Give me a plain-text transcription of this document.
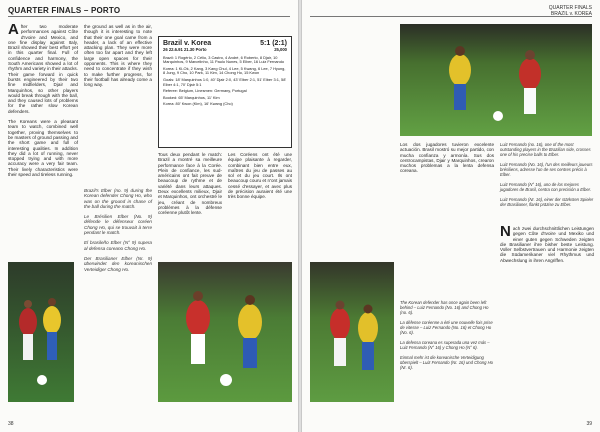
QUARTER FINALS – PORTO

After two moderate performances against Côte d'Ivoire and Mexico, and one fine display against Italy, Brazil showed their best effort yet in this quarter final. Full of confidence and harmony, the South Americans showed a lot of rhythm and variety in their attacks. Their game forward in quick bursts engineered by their two fine midfielders, Djair and Marquinhos, so other players would break through with the ball, and they caused lots of problems for the rather slow Korean defenders.

The Koreans were a pleasant team to watch, combined well together, proving themselves to be masters of ground passing and the short game and full of interesting qualities. In addition they did a lot of running, never stopped trying and with more accuracy were a very fair team. Their lively characteristics were their speed and tireless running.

the ground as well as in the air, though it is interesting to note that their one goal came from a header, a lack of an effective attacking plan. They were more often too far apart and they left large open spaces for their opponents. This is where they need to concentrate if they wish to make further progress, for their football has already come a long way.

Brazil's Elber (no. 9) during the Korean defender Chong Ho, who was on the ground in chase of the ball during the match.

Le Brésilien Elber (No. 9) défende le défenseur coréen Chong Ho, qui se trouvait à terre pendant le match.

El brasileño Elber (N° 9) supera al defensa coreano Chong Ho.

Der Brasilianer Elber (Nr. 9) überwindet den koreanischen Verteidiger Chong Ho.

Brazil v. Korea	5:1 (2:1)
26 22.6.91 21.30 Porto	25,000

Brazil: 1 Rogério, 2 Célio, 3 Castro, 4 André, 6 Roberto, 8 Djair, 10 Marquinhos, 9 Marcelinho, 11 Paulo Nunes, 5 Elber, 16 Luiz Fernando

Korea: 1 Ki-Ok, 2 Kang, 3 Kang Chul, 4 Lee, 5 Kwang, 6 Lee, 7 Hyung, 8 Jung, 9 Cho, 10 Park, 11 Kim, 14 Chong Ho, 15 Kwon

Goals: 18' Marquinhos 1:0, 40' Djair 2:0, 43' Elber 2:1, 51' Elber 3:1, 58' Elber 4:1, 70' Djair 5:1

Referee: Belgium, Linesmen: Germany, Portugal

Booked: 65' Marquinhos, 11' Kim

Korea: 80' Kwon (Kim), 16' Kwang (Cho)

Tous deux pendant le match: Brazil a montré sa meilleure performance face à la Corée. Plein de confiance, les sud-américains ont fait preuve de beaucoup de rythme et de variété dans leurs attaques. Deux excellents milieux, Djair et Marquinhos, ont orchestré le jeu, créant de nombreux problèmes à la défense coréenne plutôt lente.

Les Coréens ont été une équipe plaisante à regarder, combinant bien entre eux, maîtres du jeu de passes au sol et du jeu court. Ils ont beaucoup couru et n'ont jamais cessé d'essayer, et avec plus de précision auraient été une très bonne équipe.

38
QUARTER FINALS
BRAZIL v. KOREA

Los dos jugadores tuvieron excelente actuación. Brasil mostró su mejor partido, con mucha confianza y armonía. Sus dos centrocampistas, Djair y Marquinhos, crearon muchos problemas a la lenta defensa coreana.

Nach zwei durchschnittlichen Leistungen gegen Côte d'Ivoire und Mexiko und einer guten gegen Schweden zeigten die Brasilianer ihre bisher beste Leistung. Voller Selbstvertrauen und Harmonie zeigten die Südamerikaner viel Rhythmus und Abwechslung in ihren Angriffen.

Luiz Fernando (no. 16), one of the most outstanding players in the Brazilian side, crosses one of his precise balls to Elber.

Luiz Fernando (No. 16), l'un des meilleurs joueurs brésiliens, adresse l'un de ses centres précis à Elber.

Luiz Fernando (N° 16), uno de los mejores jugadores de Brasil, centra con precisión a Elber.

Luiz Fernando (Nr. 16), einer der stärksten Spieler der Brasilianer, flankt präzise zu Elber.

The Korean defender has once again been left behind – Luiz Fernando (No. 16) and Chong Ho (no. 6).

La défense coréenne a été une nouvelle fois prise de vitesse – Luiz Fernando (No. 16) et Chong Ho (No. 6).

La defensa coreana es superada una vez más – Luiz Fernando (N° 16) y Chong Ho (N° 6).

Einmal mehr ist die koreanische Verteidigung überspielt – Luiz Fernando (Nr. 16) und Chong Ho (Nr. 6).

39
